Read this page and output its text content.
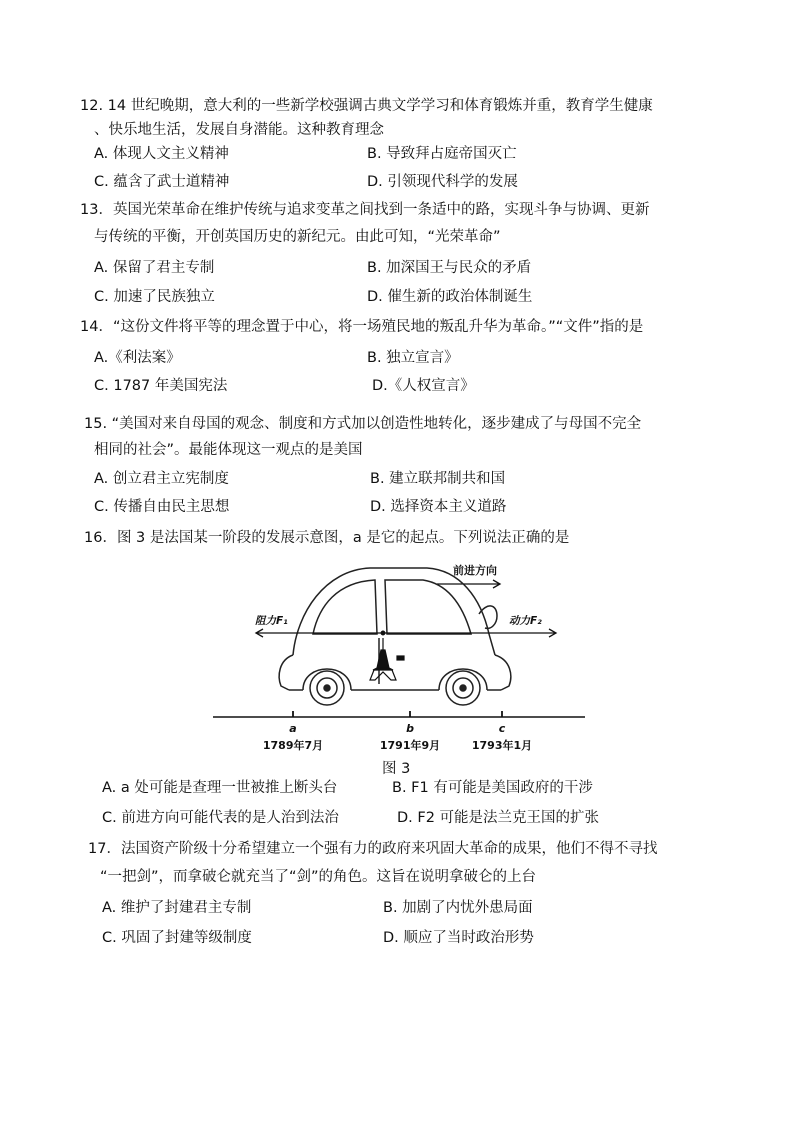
12. 14 世纪晚期，意大利的一些新学校强调古典文学学习和体育锻炼并重，教育学生健康
、快乐地生活，发展自身潜能。这种教育理念
A. 体现人文主义精神	B. 导致拜占庭帝国灭亡
C. 蕴含了武士道精神	D. 引领现代科学的发展
13．英国光荣革命在维护传统与追求变革之间找到一条适中的路，实现斗争与协调、更新
与传统的平衡，开创英国历史的新纪元。由此可知，“光荣革命”
A. 保留了君主专制	B. 加深国王与民众的矛盾
C. 加速了民族独立	D. 催生新的政治体制诞生
14．“这份文件将平等的理念置于中心，将一场殖民地的叛乱升华为革命。”“文件”指的是
A.《利法案》	B. 独立宣言》
C. 1787 年美国宪法	D.《人权宣言》
15. “美国对来自母国的观念、制度和方式加以创造性地转化，逐步建成了与母国不完全
相同的社会”。最能体现这一观点的是美国
A. 创立君主立宪制度	B. 建立联邦制共和国
C. 传播自由民主思想	D. 选择资本主义道路
16．图 3 是法国某一阶段的发展示意图，a 是它的起点。下列说法正确的是
前进方向
阻力F₁	动力F₂
a	b	c
1789年7月	1791年9月	1793年1月
图 3
A. a 处可能是查理一世被推上断头台	B. F1 有可能是美国政府的干涉
C. 前进方向可能代表的是人治到法治	D. F2 可能是法兰克王国的扩张
17．法国资产阶级十分希望建立一个强有力的政府来巩固大革命的成果，他们不得不寻找
“一把剑”，而拿破仑就充当了“剑”的角色。这旨在说明拿破仑的上台
A. 维护了封建君主专制	B. 加剧了内忧外患局面
C. 巩固了封建等级制度	D. 顺应了当时政治形势
